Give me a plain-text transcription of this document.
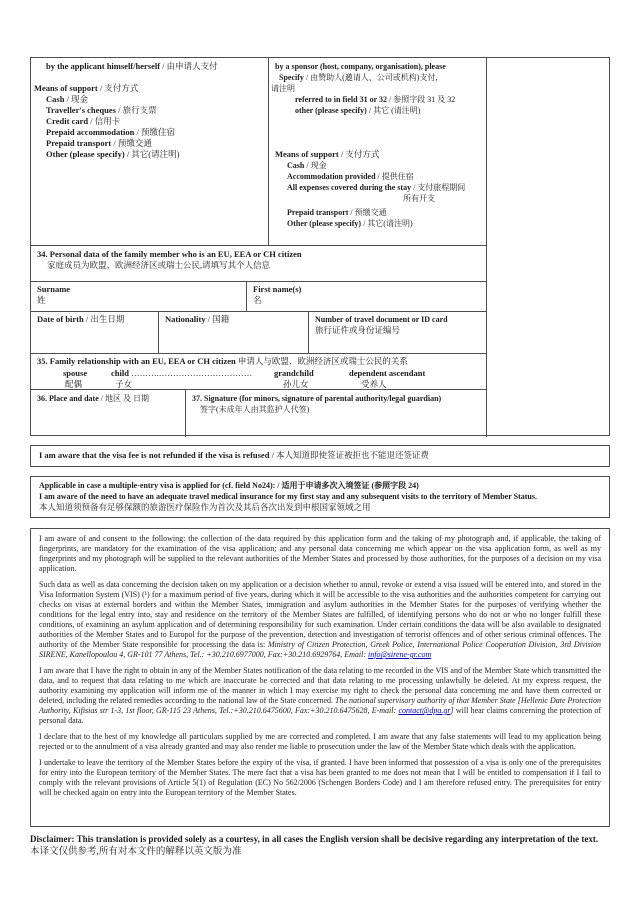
by the applicant himself/herself / 由申请人支付
Means of support / 支付方式
Cash / 现金
Traveller's cheques / 旅行支票
Credit card / 信用卡
Prepaid accommodation / 预缴住宿
Prepaid transport / 预缴交通
Other (please specify) / 其它(请注明)
by a sponsor (host, company, organisation), please
Specify / 由赞助人(邀请人、公司或机构)支付,
请注明
referred to in field 31 or 32 / 参照字段 31 及 32
other (please specify) / 其它 (请注明)
Means of support / 支付方式
Cash / 现金
Accommodation provided / 提供住宿
All expenses covered during the stay / 支付旅程期间
所有开支
Prepaid transport / 预缴交通
Other (please specify) / 其它(请注明)
34. Personal data of the family member who is an EU, EEA or CH citizen
家庭成员为欧盟、欧洲经济区或瑞士公民,请填写其个人信息
Surname
姓
First name(s)
名
Date of birth / 出生日期	Nationality / 国籍	Number of travel document or ID card
旅行证件或身份证编号
35. Family relationship with an EU, EEA or CH citizen 申请人与欧盟、欧洲经济区或瑞士公民的关系
spouse
配偶
child ……….……………………………
子女
grandchild
孙儿女
dependent ascendant
受养人
36. Place and date / 地区 及 日期	37. Signature (for minors, signature of parental authority/legal guardian)
签字(未成年人由其监护人代签)
I am aware that the visa fee is not refunded if the visa is refused / 本人知道即使签证被拒也不能退还签证费
Applicable in case a multiple-entry visa is applied for (cf. field No24): / 适用于申请多次入境签证 (参照字段 24)
I am aware of the need to have an adequate travel medical insurance for my first stay and any subsequent visits to the territory of Member Status.
本人知道须预备有足够保额的旅游医疗保险作为首次及其后各次出发到申根国家领域之用

I am aware of and consent to the following: the collection of the data required by this application form and the taking of my photograph and, if applicable, the taking of fingerprints, are mandatory for the examination of the visa application; and any personal data concerning me which appear on the visa application form, as well as my fingerprints and my photograph will be supplied to the relevant authorities of the Member States and processed by those authorities, for the purposes of a decision on my visa application.

Such data as well as data concerning the decision taken on my application or a decision whether to annul, revoke or extend a visa issued will be entered into, and stored in the Visa Information System (VIS) (¹) for a maximum period of five years, during which it will be accessible to the visa authorities and the authorities competent for carrying out checks on visas at external borders and within the Member States, immigration and asylum authorities in the Member States for the purposes of verifying whether the conditions for the legal entry into, stay and residence on the territory of the Member States are fulfilled, of identifying persons who do not or who no longer fulfill these conditions, of examining an asylum application and of determining responsibility for such examination. Under certain conditions the data will be also available to designated authorities of the Member States and to Europol for the purpose of the prevention, detection and investigation of terrorist offences and of other serious criminal offences. The authority of the Member State responsible for processing the data is: Ministry of Citizen Protection, Greek Police, International Police Cooperation Division, 3rd Division SIRENE, Kanellopoulou 4, GR-101 77 Athens, Tel.: +30.210.6977000, Fax:+30.210.6929764, Email: info@sirene-gr.com

I am aware that I have the right to obtain in any of the Member States notification of the data relating to me recorded in the VIS and of the Member State which transmitted the data, and to request that data relating to me which are inaccurate be corrected and that data relating to me processing unlawfully be deleted. At my express request, the authority examining my application will inform me of the manner in which I may exercise my right to check the personal data concerning me and have them corrected or deleted, including the related remedies according to the national law of the State concerned. The national supervisory authority of that Member State [Hellenic Date Protection Authority, Kifisias str 1-3, 1st floor, GR-115 23 Athens, Tel.:+30.210.6475600, Fax:+30.210.6475628, E-mail: contact@dpa.gr] will hear claims concerning the protection of personal data.

I declare that to the best of my knowledge all particulars supplied by me are corrected and completed. I am aware that any false statements will lead to my application being rejected or to the annulment of a visa already granted and may also render me liable to prosecution under the law of the Member State which deals with the application.

I undertake to leave the territory of the Member States before the expiry of the visa, if granted. I have been informed that possession of a visa is only one of the prerequisites for entry into the European territory of the Member States. The mere fact that a visa has been granted to me does not mean that I will be entitled to compensation if I fail to comply with the relevant provisions of Article 5(1) of Regulation (EC) No 562/2006 (Schengen Borders Code) and I am therefore refused entry. The prerequisites for entry will be checked again on entry into the European territory of the Member States.

Disclaimer: This translation is provided solely as a courtesy, in all cases the English version shall be decisive regarding any interpretation of the text.
本译文仅供参考,所有对本文件的解释以英文版为准
